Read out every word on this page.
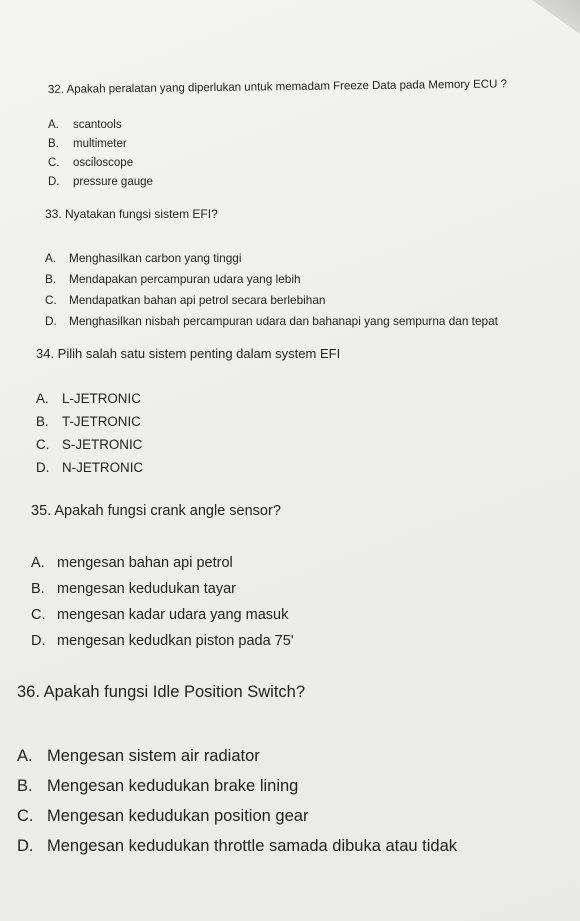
32. Apakah peralatan yang diperlukan untuk memadam Freeze Data pada Memory ECU ?

A. scantools
B. multimeter
C. osciloscope
D. pressure gauge

33. Nyatakan fungsi sistem EFI?

A. Menghasilkan carbon yang tinggi
B. Mendapakan percampuran udara yang lebih
C. Mendapatkan bahan api petrol secara berlebihan
D. Menghasilkan nisbah percampuran udara dan bahanapi yang sempurna dan tepat

34. Pilih salah satu sistem penting dalam system EFI

A. L-JETRONIC
B. T-JETRONIC
C. S-JETRONIC
D. N-JETRONIC

35. Apakah fungsi crank angle sensor?

A. mengesan bahan api petrol
B. mengesan kedudukan tayar
C. mengesan kadar udara yang masuk
D. mengesan kedudkan piston pada 75'

36. Apakah fungsi Idle Position Switch?

A. Mengesan sistem air radiator
B. Mengesan kedudukan brake lining
C. Mengesan kedudukan position gear
D. Mengesan kedudukan throttle samada dibuka atau tidak
